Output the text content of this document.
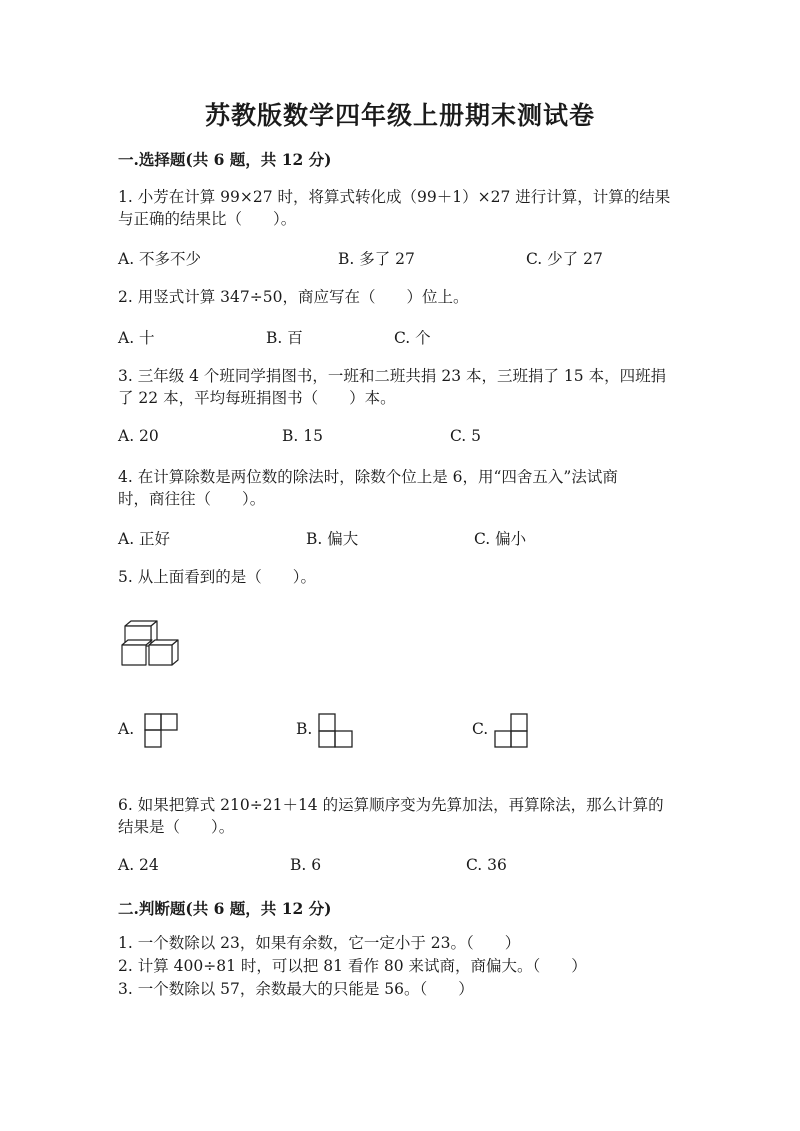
苏教版数学四年级上册期末测试卷
一.选择题(共 6 题，共 12 分)
1. 小芳在计算 99×27 时，将算式转化成（99＋1）×27 进行计算，计算的结果
与正确的结果比（　　）。
A. 不多不少	B. 多了 27	C. 少了 27
2. 用竖式计算 347÷50，商应写在（　　）位上。
A. 十	B. 百	C. 个
3. 三年级 4 个班同学捐图书，一班和二班共捐 23 本，三班捐了 15 本，四班捐
了 22 本，平均每班捐图书（　　）本。
A. 20	B. 15	C. 5
4. 在计算除数是两位数的除法时，除数个位上是 6，用“四舍五入”法试商
时，商往往（　　）。
A. 正好	B. 偏大	C. 偏小
5. 从上面看到的是（　　）。
A.	B.	C.
6. 如果把算式 210÷21＋14 的运算顺序变为先算加法，再算除法，那么计算的
结果是（　　）。
A. 24	B. 6	C. 36
二.判断题(共 6 题，共 12 分)
1. 一个数除以 23，如果有余数，它一定小于 23。（　　）
2. 计算 400÷81 时，可以把 81 看作 80 来试商，商偏大。（　　）
3. 一个数除以 57，余数最大的只能是 56。（　　）
